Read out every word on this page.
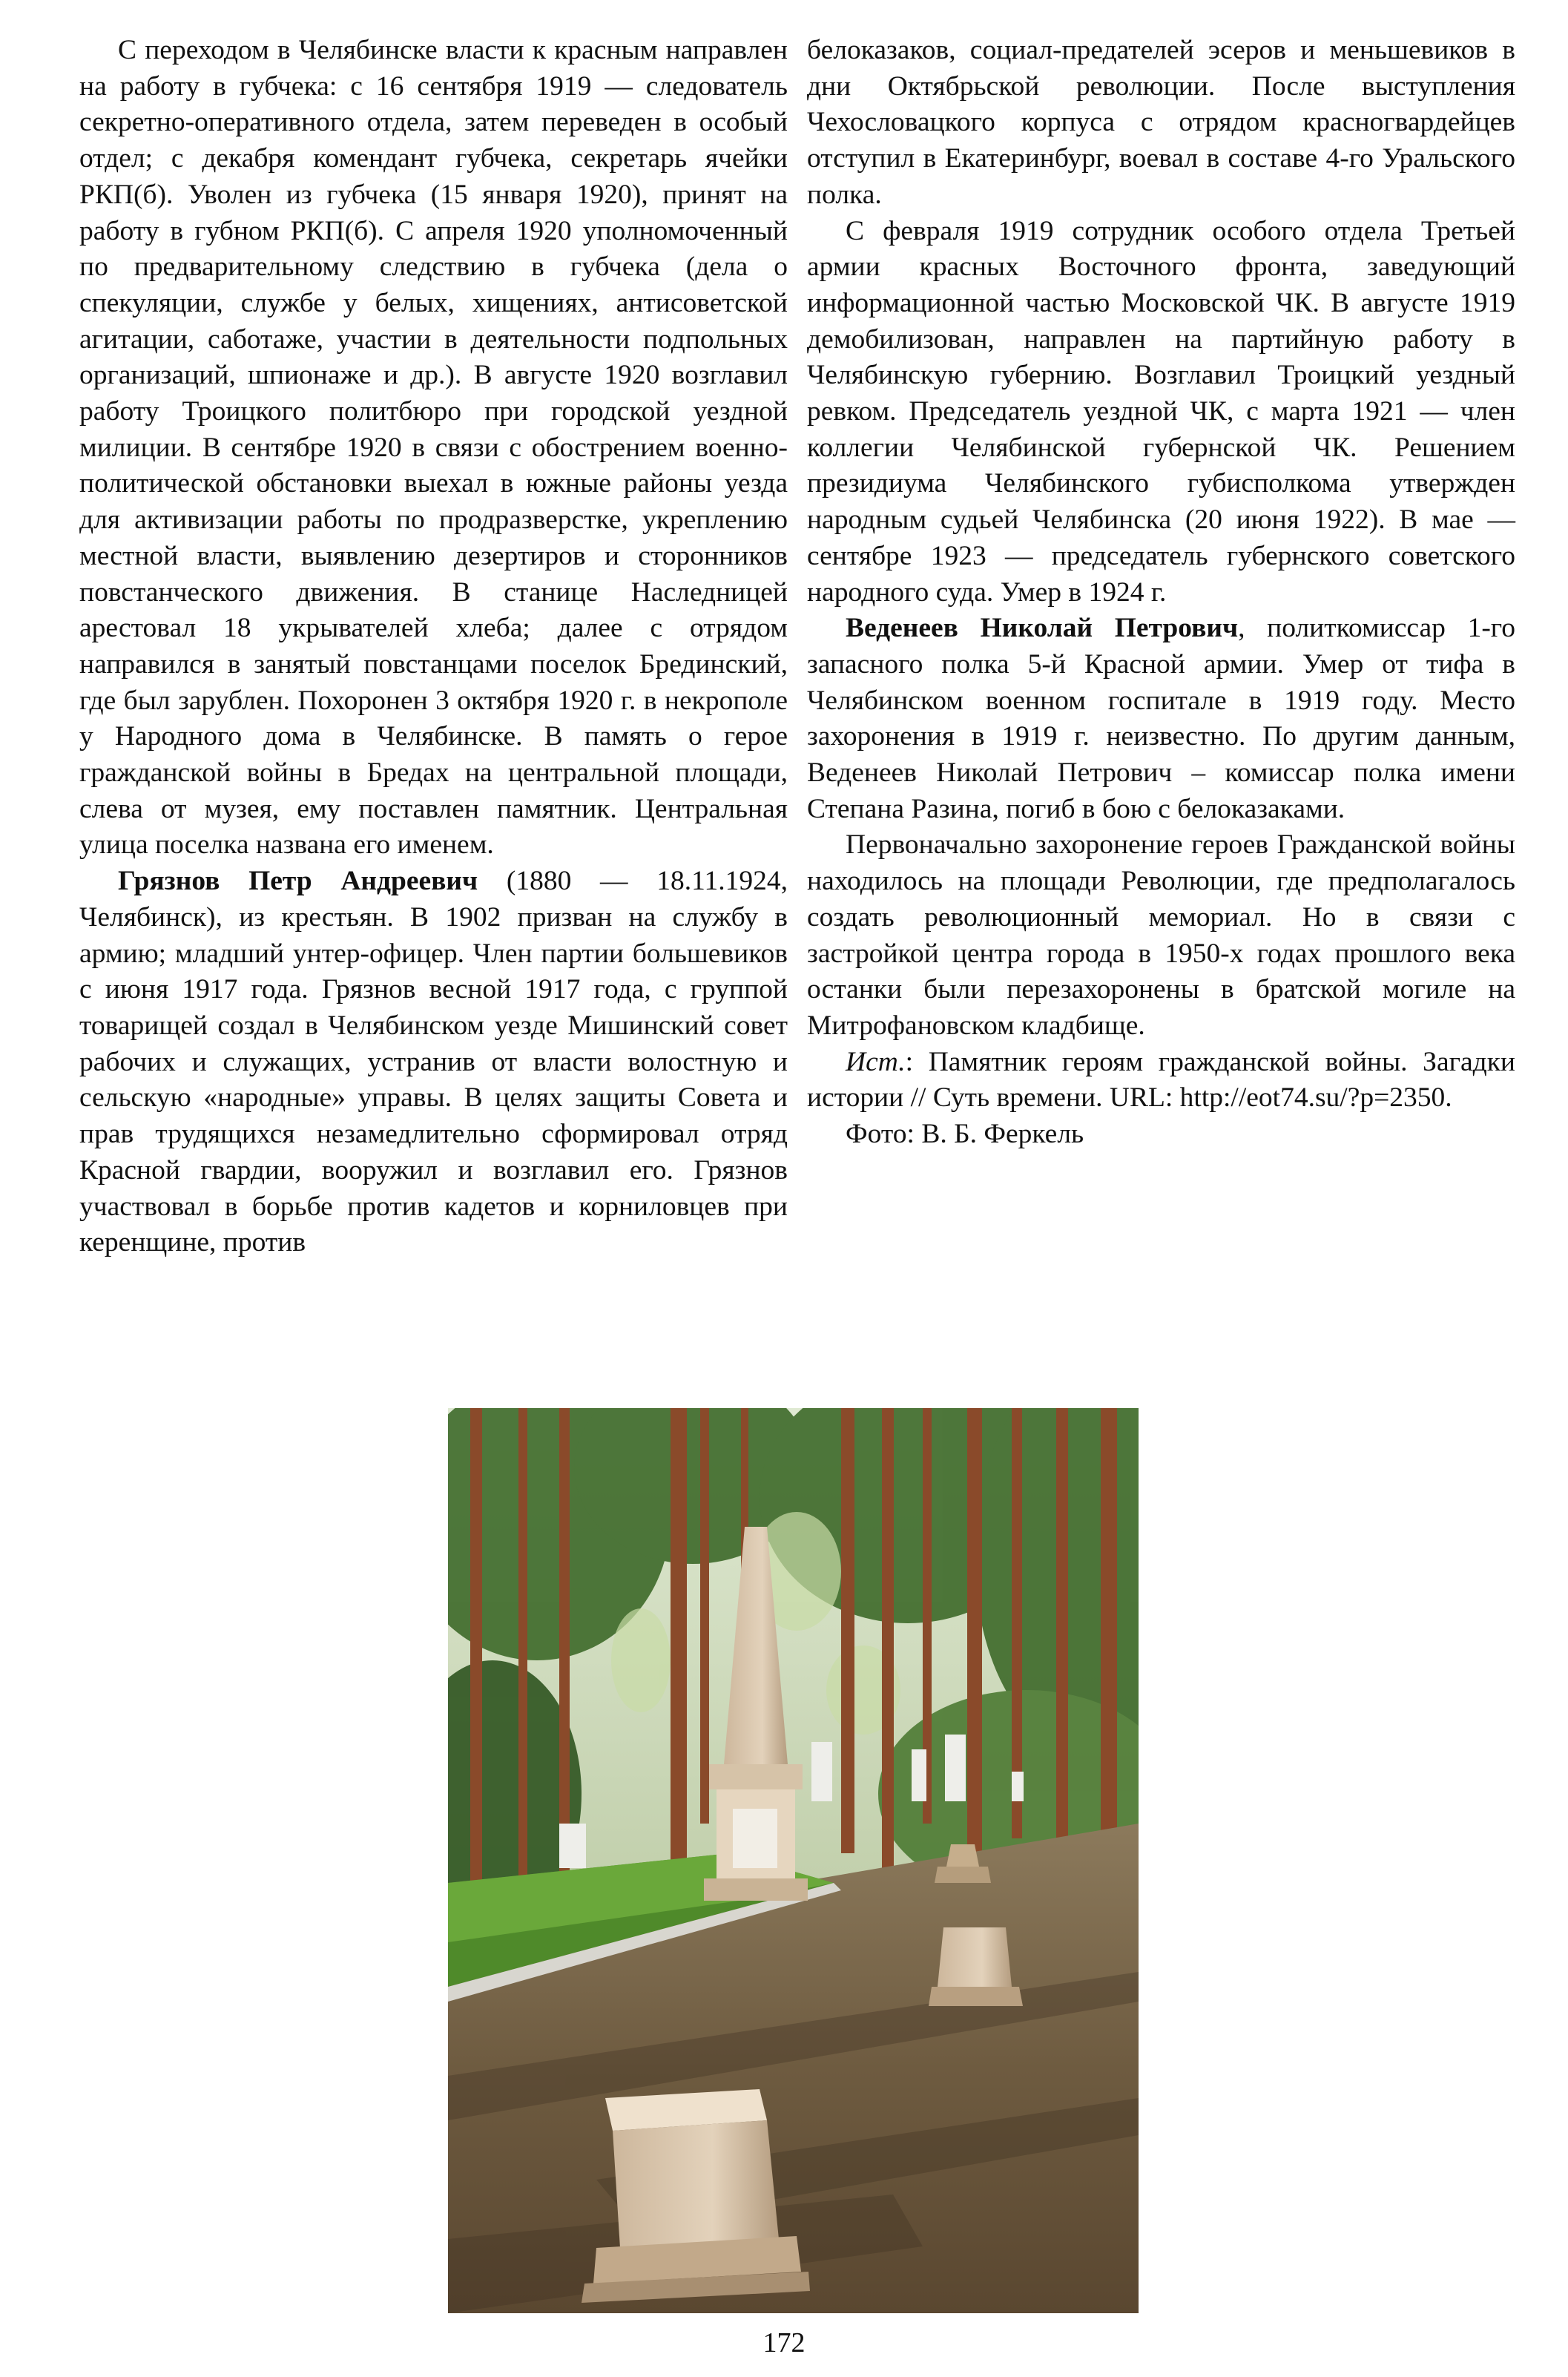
С переходом в Челябинске власти к красным направлен на работу в губчека: с 16 сентября 1919 — следователь секретно-оперативного отдела, затем переведен в особый отдел; с декабря комендант губчека, секретарь ячейки РКП(б). Уволен из губчека (15 января 1920), принят на работу в губном РКП(б). С апреля 1920 уполномоченный по предварительному следствию в губчека (дела о спекуляции, службе у белых, хищениях, антисоветской агитации, саботаже, участии в деятельности подпольных организаций, шпионаже и др.). В августе 1920 возглавил работу Троицкого политбюро при городской уездной милиции. В сентябре 1920 в связи с обострением военно-политической обстановки выехал в южные районы уезда для активизации работы по продразверстке, укреплению местной власти, выявлению дезертиров и сторонников повстанческого движения. В станице Наследницей арестовал 18 укрывателей хлеба; далее с отрядом направился в занятый повстанцами поселок Брединский, где был зарублен. Похоронен 3 октября 1920 г. в некрополе у Народного дома в Челябинске. В память о герое гражданской войны в Бредах на центральной площади, слева от музея, ему поставлен памятник. Центральная улица поселка названа его именем.

Грязнов Петр Андреевич (1880 — 18.11.1924, Челябинск), из крестьян. В 1902 призван на службу в армию; младший унтер-офицер. Член партии большевиков с июня 1917 года. Грязнов весной 1917 года, с группой товарищей создал в Челябинском уезде Мишинский совет рабочих и служащих, устранив от власти волостную и сельскую «народные» управы. В целях защиты Совета и прав трудящихся незамедлительно сформировал отряд Красной гвардии, вооружил и возглавил его. Грязнов участвовал в борьбе против кадетов и корниловцев при керенщине, против

белоказаков, социал-предателей эсеров и меньшевиков в дни Октябрьской революции. После выступления Чехословацкого корпуса с отрядом красногвардейцев отступил в Екатеринбург, воевал в составе 4-го Уральского полка.

С февраля 1919 сотрудник особого отдела Третьей армии красных Восточного фронта, заведующий информационной частью Московской ЧК. В августе 1919 демобилизован, направлен на партийную работу в Челябинскую губернию. Возглавил Троицкий уездный ревком. Председатель уездной ЧК, с марта 1921 — член коллегии Челябинской губернской ЧК. Решением президиума Челябинского губисполкома утвержден народным судьей Челябинска (20 июня 1922). В мае — сентябре 1923 — председатель губернского советского народного суда. Умер в 1924 г.

Веденеев Николай Петрович, политкомиссар 1-го запасного полка 5-й Красной армии. Умер от тифа в Челябинском военном госпитале в 1919 году. Место захоронения в 1919 г. неизвестно. По другим данным, Веденеев Николай Петрович – комиссар полка имени Степана Разина, погиб в бою с белоказаками.

Первоначально захоронение героев Гражданской войны находилось на площади Революции, где предполагалось создать революционный мемориал. Но в связи с застройкой центра города в 1950-х годах прошлого века останки были перезахоронены в братской могиле на Митрофановском кладбище.

Ист.: Памятник героям гражданской войны. Загадки истории // Суть времени. URL: http://eot74.su/?p=2350.

Фото: В. Б. Феркель

172
